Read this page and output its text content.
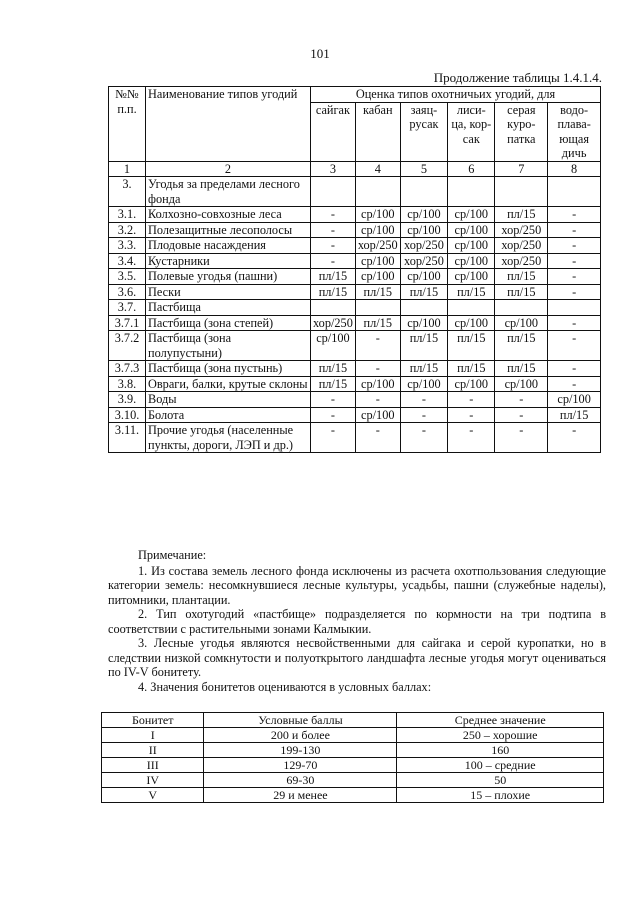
101
Продолжение таблицы 1.4.1.4.
№№ п.п.	Наименование типов угодий	Оценка типов охотничьих угодий, для					
		сайгак	кабан	заяц-русак	лиси-ца, кор-сак	серая куро-патка	водо-плава-ющая дичь
1	2	3	4	5	6	7	8
3.	Угодья за пределами лесного фонда						
3.1.	Колхозно-совхозные леса	-	ср/100	ср/100	ср/100	пл/15	-
3.2.	Полезащитные лесополосы	-	ср/100	ср/100	ср/100	хор/250	-
3.3.	Плодовые насаждения	-	хор/250	хор/250	ср/100	хор/250	-
3.4.	Кустарники	-	ср/100	хор/250	ср/100	хор/250	-
3.5.	Полевые угодья (пашни)	пл/15	ср/100	ср/100	ср/100	пл/15	-
3.6.	Пески	пл/15	пл/15	пл/15	пл/15	пл/15	-
3.7.	Пастбища						
3.7.1	Пастбища (зона степей)	хор/250	пл/15	ср/100	ср/100	ср/100	-
3.7.2	Пастбища (зона полупустыни)	ср/100	-	пл/15	пл/15	пл/15	-
3.7.3	Пастбища (зона пустынь)	пл/15	-	пл/15	пл/15	пл/15	-
3.8.	Овраги, балки, крутые склоны	пл/15	ср/100	ср/100	ср/100	ср/100	-
3.9.	Воды	-	-	-	-	-	ср/100
3.10.	Болота	-	ср/100	-	-	-	пл/15
3.11.	Прочие угодья (населенные пункты, дороги, ЛЭП и др.)	-	-	-	-	-	-

Примечание:

1. Из состава земель лесного фонда исключены из расчета охотпользования следующие категории земель: несомкнувшиеся лесные культуры, усадьбы, пашни (служебные наделы), питомники, плантации.

2. Тип охотугодий «пастбище» подразделяется по кормности на три подтипа в соответствии с растительными зонами Калмыкии.

3. Лесные угодья являются несвойственными для сайгака и серой куропатки, но в следствии низкой сомкнутости и полуоткрытого ландшафта лесные угодья могут оцениваться по IV-V бонитету.

4. Значения бонитетов оцениваются в условных баллах:

Бонитет	Условные баллы	Среднее значение
I	200 и более	250 – хорошие
II	199-130	160
III	129-70	100 – средние
IV	69-30	50
V	29 и менее	15 – плохие
